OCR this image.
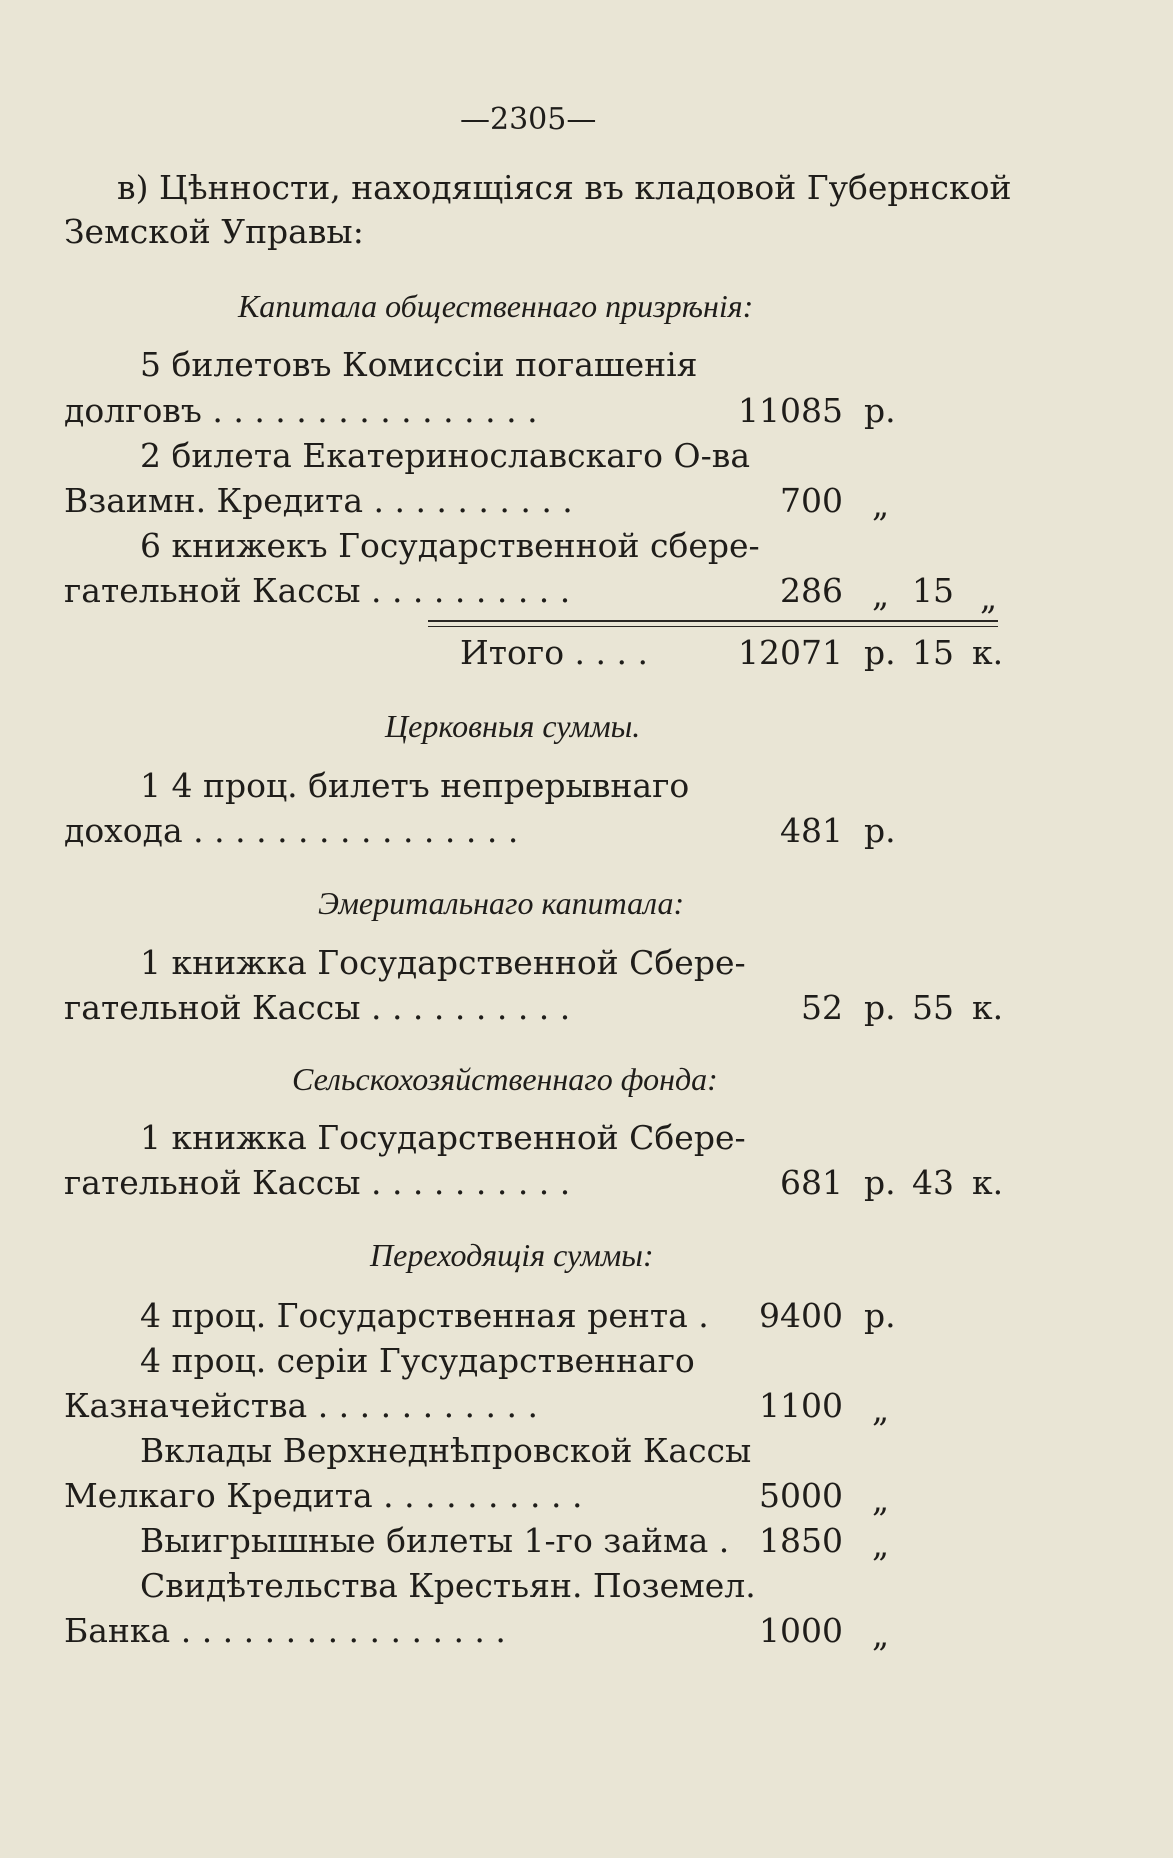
—2305—
в) Цѣнности, находящіяся въ кладовой Губернской
Земской Управы:
Капитала общественнаго призрѣнія:
5 билетовъ Комиссіи погашенія
долговъ . . . . . . . . . . . . . . . .	11085 р.
2 билета Екатеринославскаго О-ва
Взаимн. Кредита . . . . . . . . . .	700 „
6 книжекъ Государственной сбере-
гательной Кассы . . . . . . . . . .	286 „ 15 „
Итого . . . .	12071 р. 15 к.
Церковныя суммы.
1 4 проц. билетъ непрерывнаго
дохода . . . . . . . . . . . . . . . .	481 р.
Эмеритальнаго капитала:
1 книжка Государственной Сбере-
гательной Кассы . . . . . . . . . .	52 р. 55 к.
Сельскохозяйственнаго фонда:
1 книжка Государственной Сбере-
гательной Кассы . . . . . . . . . .	681 р. 43 к.
Переходящія суммы:
4 проц. Государственная рента .	9400 р.
4 проц. серіи Гусударственнаго
Казначейства . . . . . . . . . . .	1100 „
Вклады Верхнеднѣпровской Кассы
Мелкаго Кредита . . . . . . . . . .	5000 „
Выигрышные билеты 1-го займа . 1850 „
Свидѣтельства Крестьян. Поземел.
Банка . . . . . . . . . . . . . . . .	1000 „
